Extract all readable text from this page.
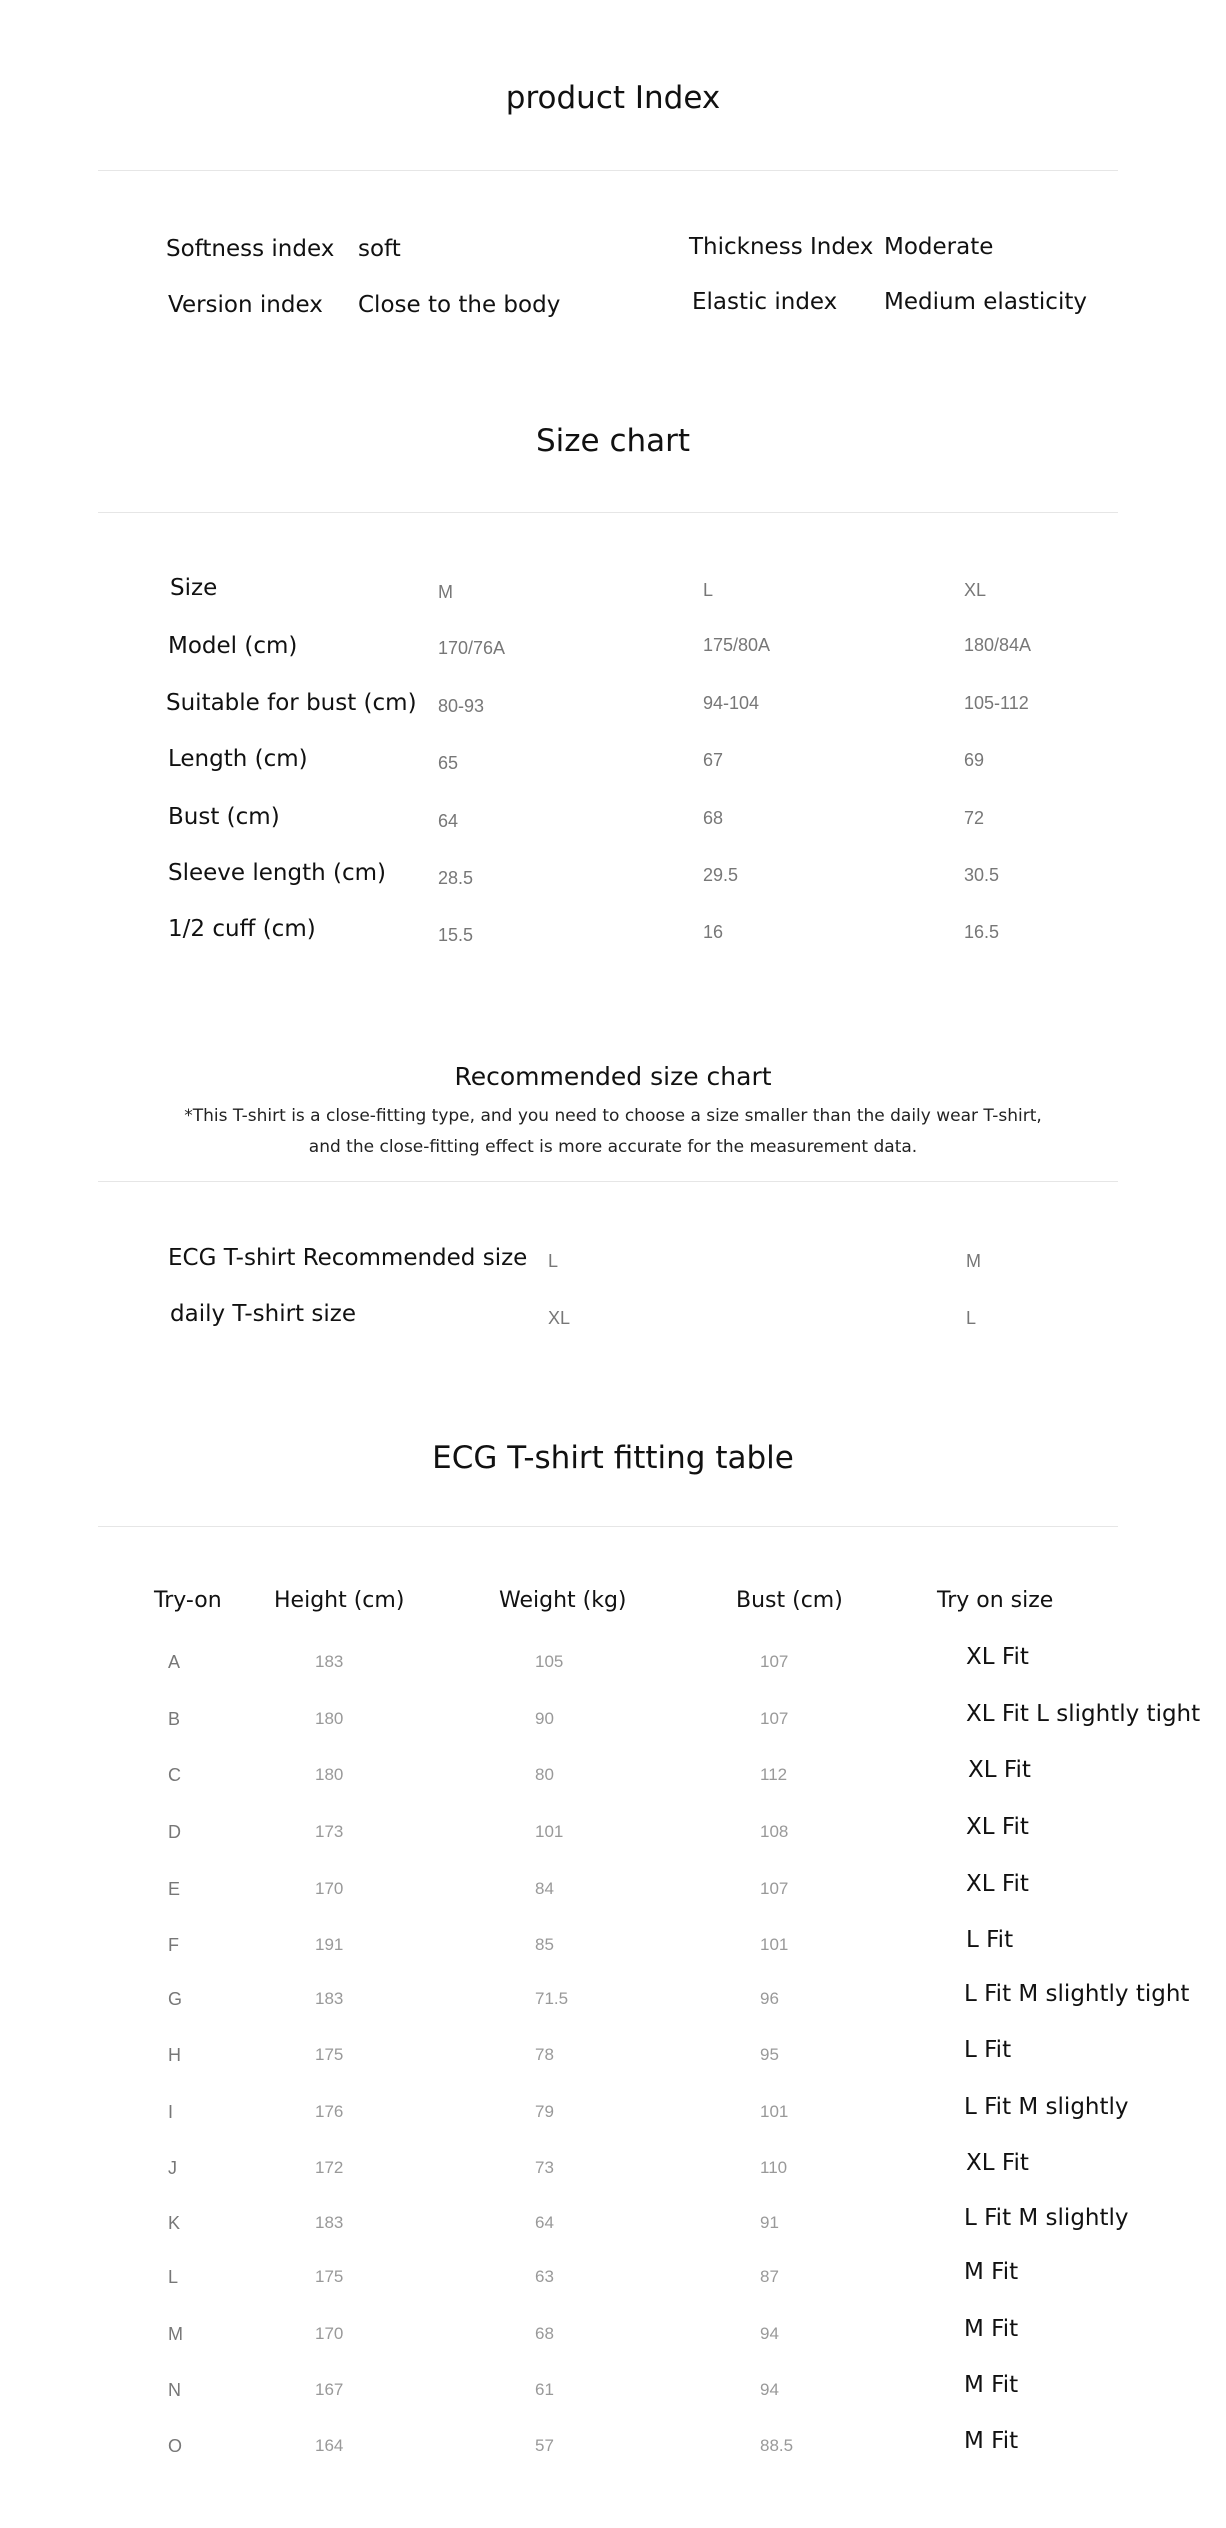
product Index
Softness index soft
Version index Close to the body
Thickness Index Moderate
Elastic index Medium elasticity
Size chart
Size	M	L	XL
Model (cm)	170/76A	175/80A	180/84A
Suitable for bust (cm) 80-93	94-104	105-112
Length (cm)	65	67	69
Bust (cm)	64	68	72
Sleeve length (cm)	28.5	29.5	30.5
1/2 cuff (cm)	15.5	16	16.5
Recommended size chart
*This T-shirt is a close-fitting type, and you need to choose a size smaller than the daily wear T-shirt,
and the close-fitting effect is more accurate for the measurement data.
ECG T-shirt Recommended size L	M
daily T-shirt size	XL	L
ECG T-shirt fitting table
Try-on Height (cm)	Weight (kg)	Bust (cm)	Try on size
A	183	105	107	XL Fit
B	180	90	107	XL Fit L slightly tight
C	180	80	112	XL Fit
D	173	101	108	XL Fit
E	170	84	107	XL Fit
F	191	85	101	L Fit
G	183	71.5	96	L Fit M slightly tight
H	175	78	95	L Fit
I	176	79	101	L Fit M slightly
J	172	73	110	XL Fit
K	183	64	91	L Fit M slightly
L	175	63	87	M Fit
M	170	68	94	M Fit
N	167	61	94	M Fit
O	164	57	88.5	M Fit
